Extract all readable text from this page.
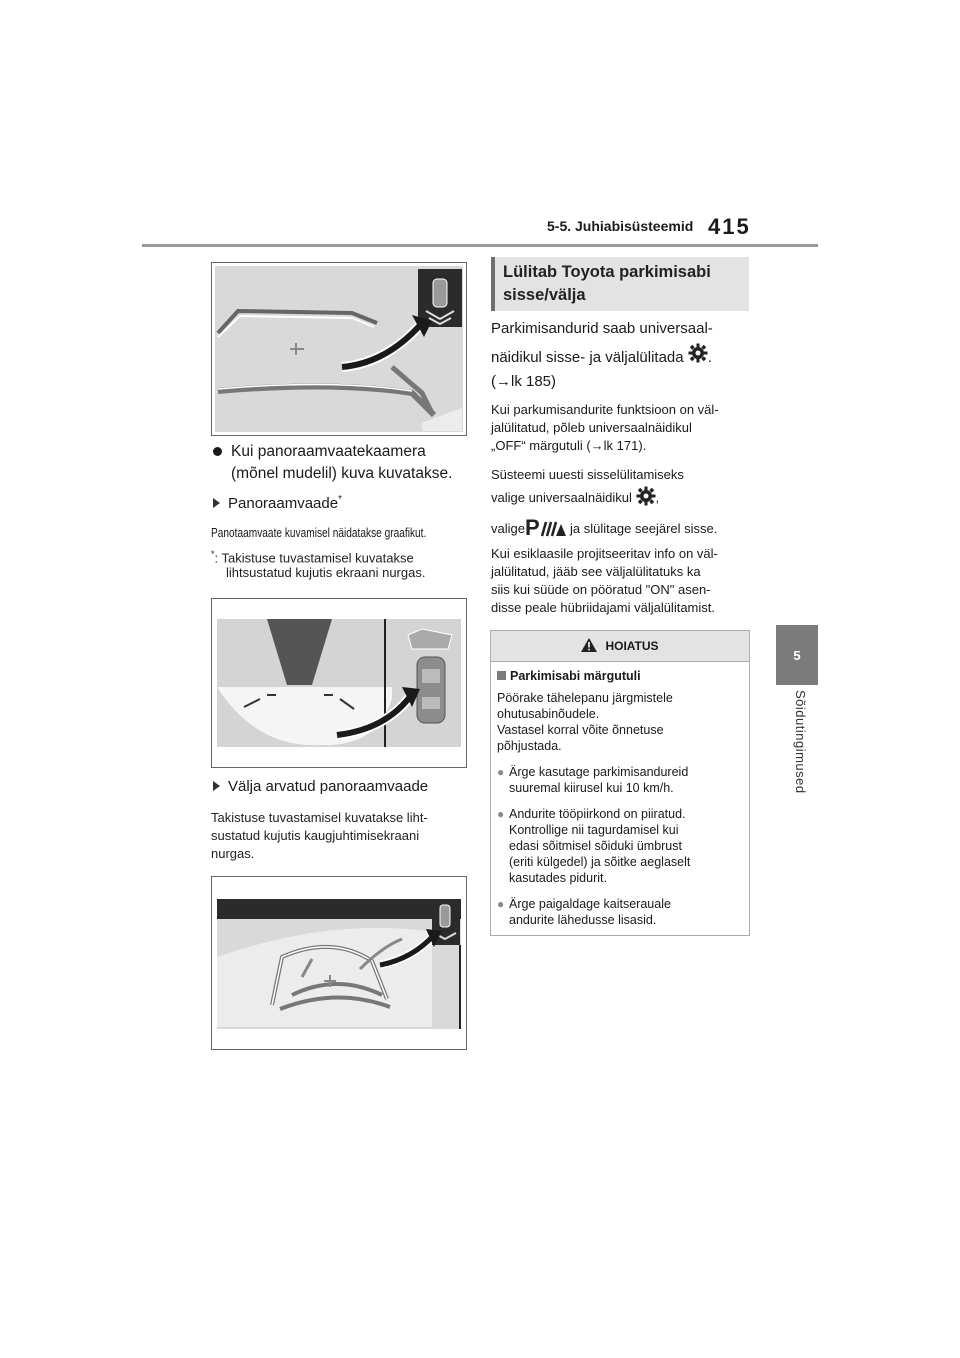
5-5. Juhiabisüsteemid 415
5
Sõidutingimused
Kui panoraamvaatekaamera
(mõnel mudelil) kuva kuvatakse.
Panoraamvaade*
Panotaamvaate kuvamisel näidatakse graafikut.
*: Takistuse tuvastamisel kuvatakse
lihtsustatud kujutis ekraani nurgas.
Välja arvatud panoraamvaade
Takistuse tuvastamisel kuvatakse liht-
sustatud kujutis kaugjuhtimisekraani
nurgas.
Lülitab Toyota parkimisabi
sisse/välja
Parkimisandurid saab universaal-
näidikul sisse- ja väljalülitada .
(→lk 185)
Kui parkumisandurite funktsioon on väl-
jalülitatud, põleb universaalnäidikul
„OFF“ märgutuli (→lk 171).
Süsteemi uuesti sisselülitamiseks
valige universaalnäidikul ,
valige P ja slülitage seejärel sisse.
Kui esiklaasile projitseeritav info on väl-
jalülitatud, jääb see väljalülitatuks ka
siis kui süüde on pööratud "ON" asen-
disse peale hübriidajami väljalülitamist.
HOIATUS
Parkimisabi märgutuli
Pöörake tähelepanu järgmistele
ohutusabinõudele.
Vastasel korral võite õnnetuse
põhjustada.
● Ärge kasutage parkimisandureid
suuremal kiirusel kui 10 km/h.
● Andurite tööpiirkond on piiratud.
Kontrollige nii tagurdamisel kui
edasi sõitmisel sõiduki ümbrust
(eriti külgedel) ja sõitke aeglaselt
kasutades pidurit.
● Ärge paigaldage kaitserauale
andurite lähedusse lisasid.
